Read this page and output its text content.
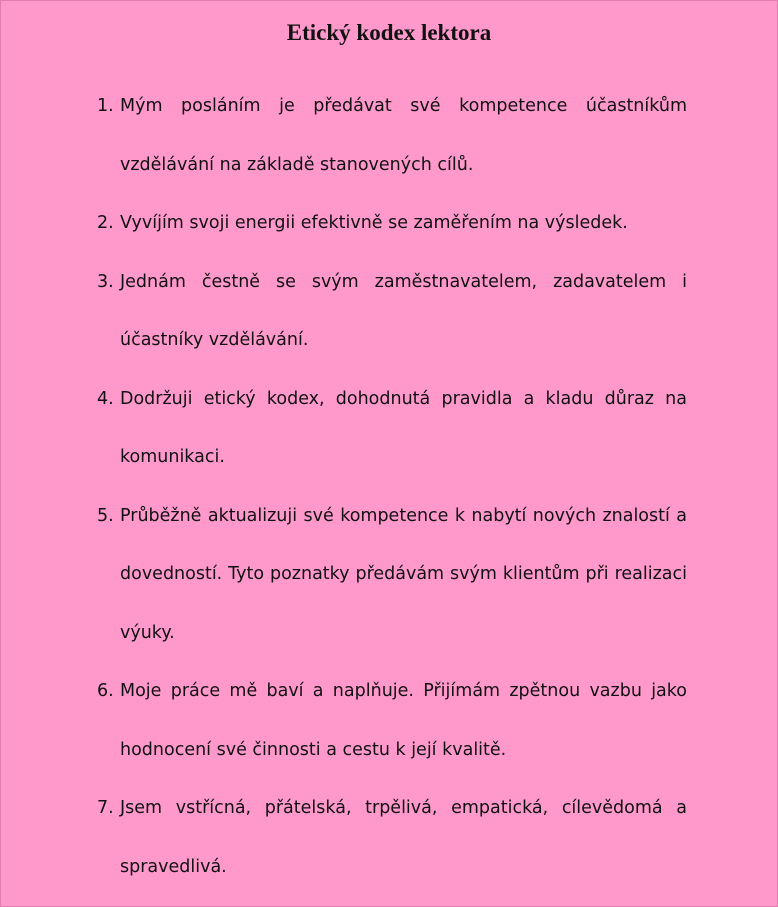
Etický kodex lektora
1. Mým posláním je předávat své kompetence účastníkům vzdělávání na základě stanovených cílů.
2. Vyvíjím svoji energii efektivně se zaměřením na výsledek.
3. Jednám čestně se svým zaměstnavatelem, zadavatelem i účastníky vzdělávání.
4. Dodržuji etický kodex, dohodnutá pravidla a kladu důraz na komunikaci.
5. Průběžně aktualizuji své kompetence k nabytí nových znalostí a dovedností. Tyto poznatky předávám svým klientům při realizaci výuky.
6. Moje práce mě baví a naplňuje. Přijímám zpětnou vazbu jako hodnocení své činnosti a cestu k její kvalitě.
7. Jsem vstřícná, přátelská, trpělivá, empatická, cílevědomá a spravedlivá.
